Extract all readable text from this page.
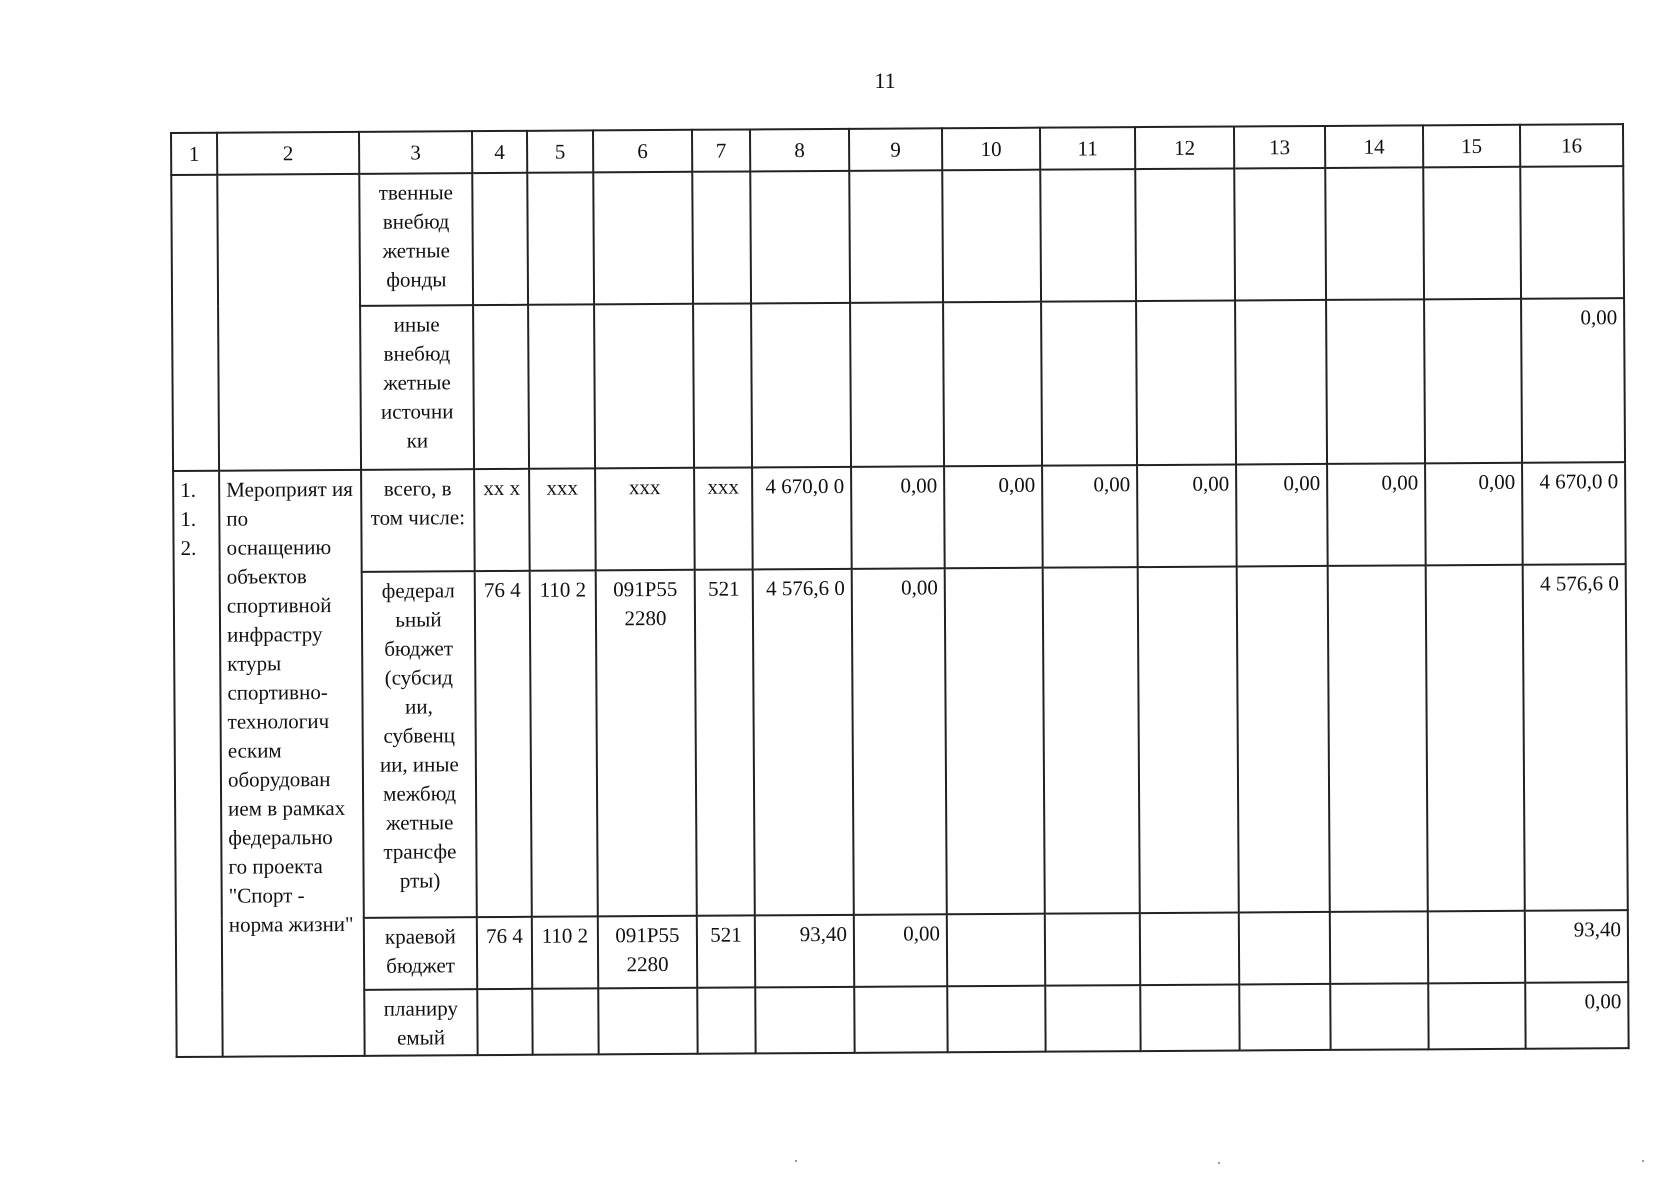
11
1	2	3	4	5	6	7	8	9	10	11	12	13	14	15	16
		твенные внебюд жетные фонды													
		иные внебюд жетные источни ки													0,00
1. 1. 2.	Мероприят ия по оснащению объектов спортивной инфрастру ктуры спортивно- технологич еским оборудован ием в рамках федерально го проекта "Спорт - норма жизни"	всего, в том числе:	хх х	ххх	ххх	ххх	4 670,0 0	0,00	0,00	0,00	0,00	0,00	0,00	0,00	4 670,0 0
		федерал ьный бюджет (субсид ии, субвенц ии, иные межбюд жетные трансфе рты)	76 4	110 2	091Р55 2280	521	4 576,6 0	0,00							4 576,6 0
		краевой бюджет	76 4	110 2	091Р55 2280	521	93,40	0,00							93,40
		планиру емый													0,00
